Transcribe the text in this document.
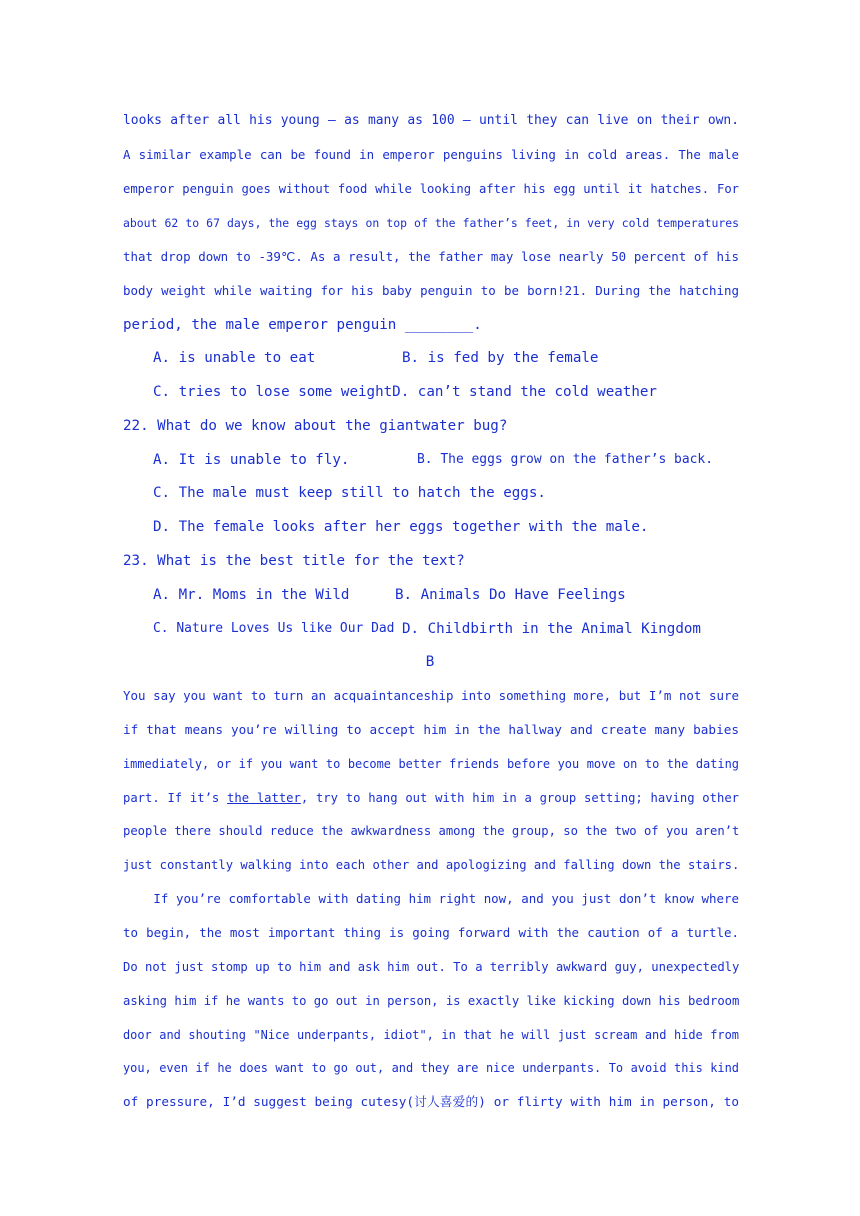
looks after all his young — as many as 100 — until they can live on their own.
A similar example can be found in emperor penguins living in cold areas. The male
emperor penguin goes without food while looking after his egg until it hatches. For
about 62 to 67 days, the egg stays on top of the father’s feet, in very cold temperatures
that drop down to -39℃. As a result, the father may lose nearly 50 percent of his
body weight while waiting for his baby penguin to be born!21. During the hatching
period, the male emperor penguin ________.
A. is unable to eat	B. is fed by the female
C. tries to lose some weightD. can’t stand the cold weather
22. What do we know about the giantwater bug?
A. It is unable to fly.	B. The eggs grow on the father’s back.
C. The male must keep still to hatch the eggs.
D. The female looks after her eggs together with the male.
23. What is the best title for the text?
A. Mr. Moms in the Wild	B. Animals Do Have Feelings
C. Nature Loves Us like Our Dad D. Childbirth in the Animal Kingdom
B
You say you want to turn an acquaintanceship into something more, but I’m not sure
if that means you’re willing to accept him in the hallway and create many babies
immediately, or if you want to become better friends before you move on to the dating
part. If it’s the latter, try to hang out with him in a group setting; having other
people there should reduce the awkwardness among the group, so the two of you aren’t
just constantly walking into each other and apologizing and falling down the stairs.
If you’re comfortable with dating him right now, and you just don’t know where
to begin, the most important thing is going forward with the caution of a turtle.
Do not just stomp up to him and ask him out. To a terribly awkward guy, unexpectedly
asking him if he wants to go out in person, is exactly like kicking down his bedroom
door and shouting "Nice underpants, idiot", in that he will just scream and hide from
you, even if he does want to go out, and they are nice underpants. To avoid this kind
of pressure, I’d suggest being cutesy(讨人喜爱的) or flirty with him in person, to
